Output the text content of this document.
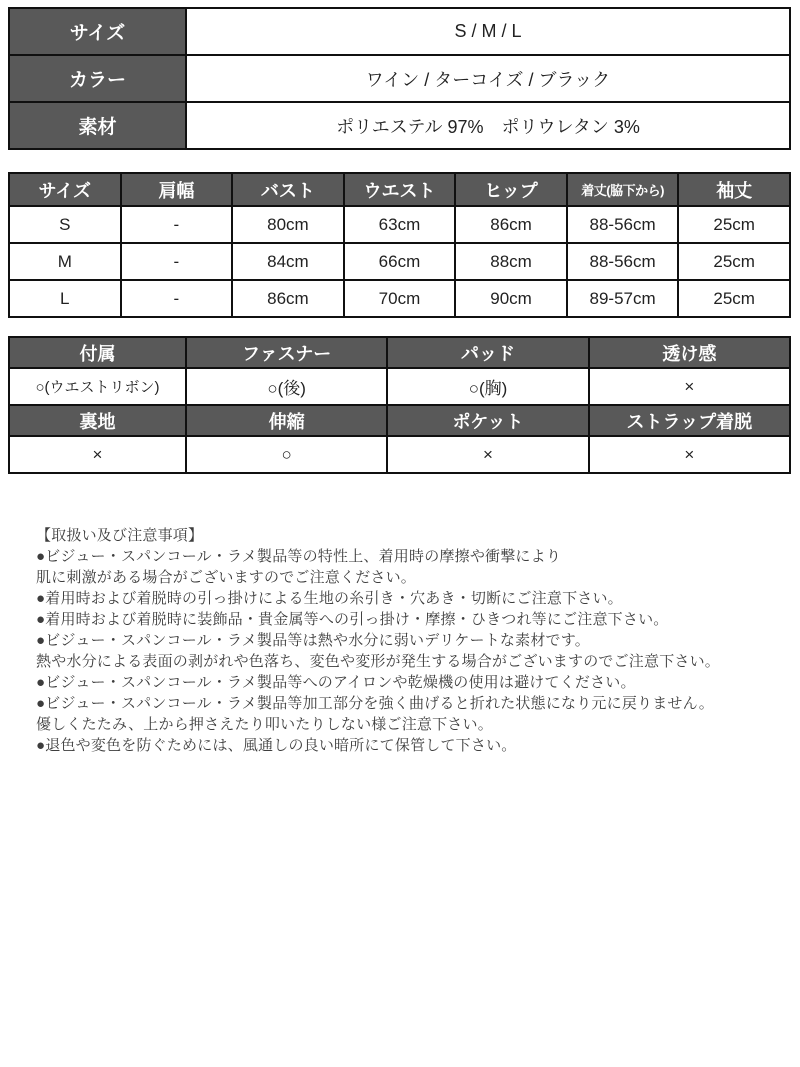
サイズ	S / M / L
カラー	ワイン / ターコイズ / ブラック
素材	ポリエステル 97%　ポリウレタン 3%
サイズ	肩幅	バスト	ウエスト	ヒップ	着丈(脇下から)	袖丈
S	-	80cm	63cm	86cm	88-56cm	25cm
M	-	84cm	66cm	88cm	88-56cm	25cm
L	-	86cm	70cm	90cm	89-57cm	25cm
付属	ファスナー	パッド	透け感
○(ウエストリボン)	○(後)	○(胸)	×
裏地	伸縮	ポケット	ストラップ着脱
×	○	×	×
【取扱い及び注意事項】
●ビジュー・スパンコール・ラメ製品等の特性上、着用時の摩擦や衝撃により
肌に刺激がある場合がございますのでご注意ください。
●着用時および着脱時の引っ掛けによる生地の糸引き・穴あき・切断にご注意下さい。
●着用時および着脱時に装飾品・貴金属等への引っ掛け・摩擦・ひきつれ等にご注意下さい。
●ビジュー・スパンコール・ラメ製品等は熱や水分に弱いデリケートな素材です。
熱や水分による表面の剥がれや色落ち、変色や変形が発生する場合がございますのでご注意下さい。
●ビジュー・スパンコール・ラメ製品等へのアイロンや乾燥機の使用は避けてください。
●ビジュー・スパンコール・ラメ製品等加工部分を強く曲げると折れた状態になり元に戻りません。
優しくたたみ、上から押さえたり叩いたりしない様ご注意下さい。
●退色や変色を防ぐためには、風通しの良い暗所にて保管して下さい。
